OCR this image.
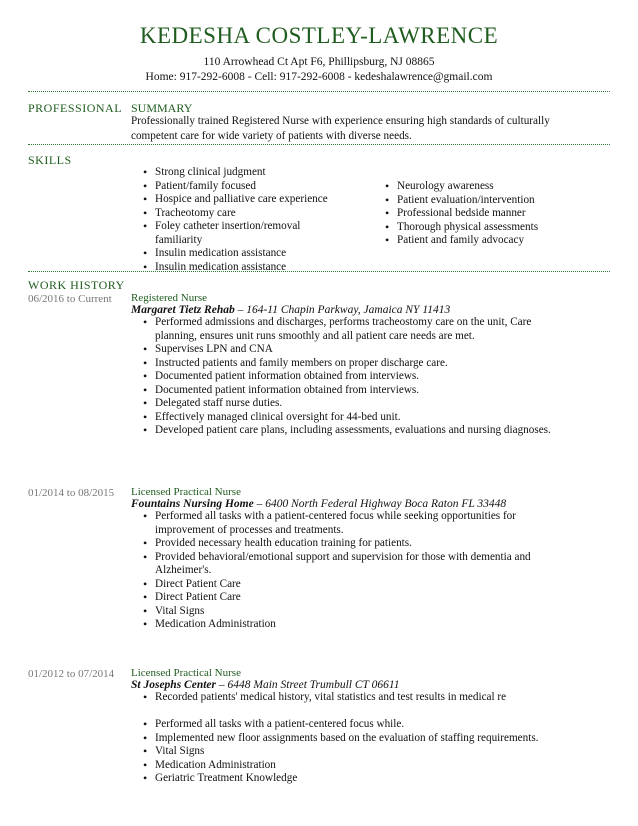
KEDESHA COSTLEY-LAWRENCE
110 Arrowhead Ct Apt F6, Phillipsburg, NJ 08865
Home: 917-292-6008 - Cell: 917-292-6008 - kedeshalawrence@gmail.com
PROFESSIONAL SUMMARY
Professionally trained Registered Nurse with experience ensuring high standards of culturally
competent care for wide variety of patients with diverse needs.
SKILLS
• Strong clinical judgment
• Patient/family focused
• Hospice and palliative care experience
• Tracheotomy care
• Foley catheter insertion/removal
familiarity
• Insulin medication assistance
• Insulin medication assistance
• Neurology awareness
• Patient evaluation/intervention
• Professional bedside manner
• Thorough physical assessments
• Patient and family advocacy
WORK HISTORY
06/2016 to Current Registered Nurse
Margaret Tietz Rehab – 164-11 Chapin Parkway, Jamaica NY 11413
• Performed admissions and discharges, performs tracheostomy care on the unit, Care
planning, ensures unit runs smoothly and all patient care needs are met.
• Supervises LPN and CNA
• Instructed patients and family members on proper discharge care.
• Documented patient information obtained from interviews.
• Documented patient information obtained from interviews.
• Delegated staff nurse duties.
• Effectively managed clinical oversight for 44-bed unit.
• Developed patient care plans, including assessments, evaluations and nursing diagnoses.
01/2014 to 08/2015 Licensed Practical Nurse
Fountains Nursing Home – 6400 North Federal Highway Boca Raton FL 33448
• Performed all tasks with a patient-centered focus while seeking opportunities for
improvement of processes and treatments.
• Provided necessary health education training for patients.
• Provided behavioral/emotional support and supervision for those with dementia and
Alzheimer's.
• Direct Patient Care
• Direct Patient Care
• Vital Signs
• Medication Administration
01/2012 to 07/2014 Licensed Practical Nurse
St Josephs Center – 6448 Main Street Trumbull CT 06611
• Recorded patients' medical history, vital statistics and test results in medical re
• Performed all tasks with a patient-centered focus while.
• Implemented new floor assignments based on the evaluation of staffing requirements.
• Vital Signs
• Medication Administration
• Geriatric Treatment Knowledge
